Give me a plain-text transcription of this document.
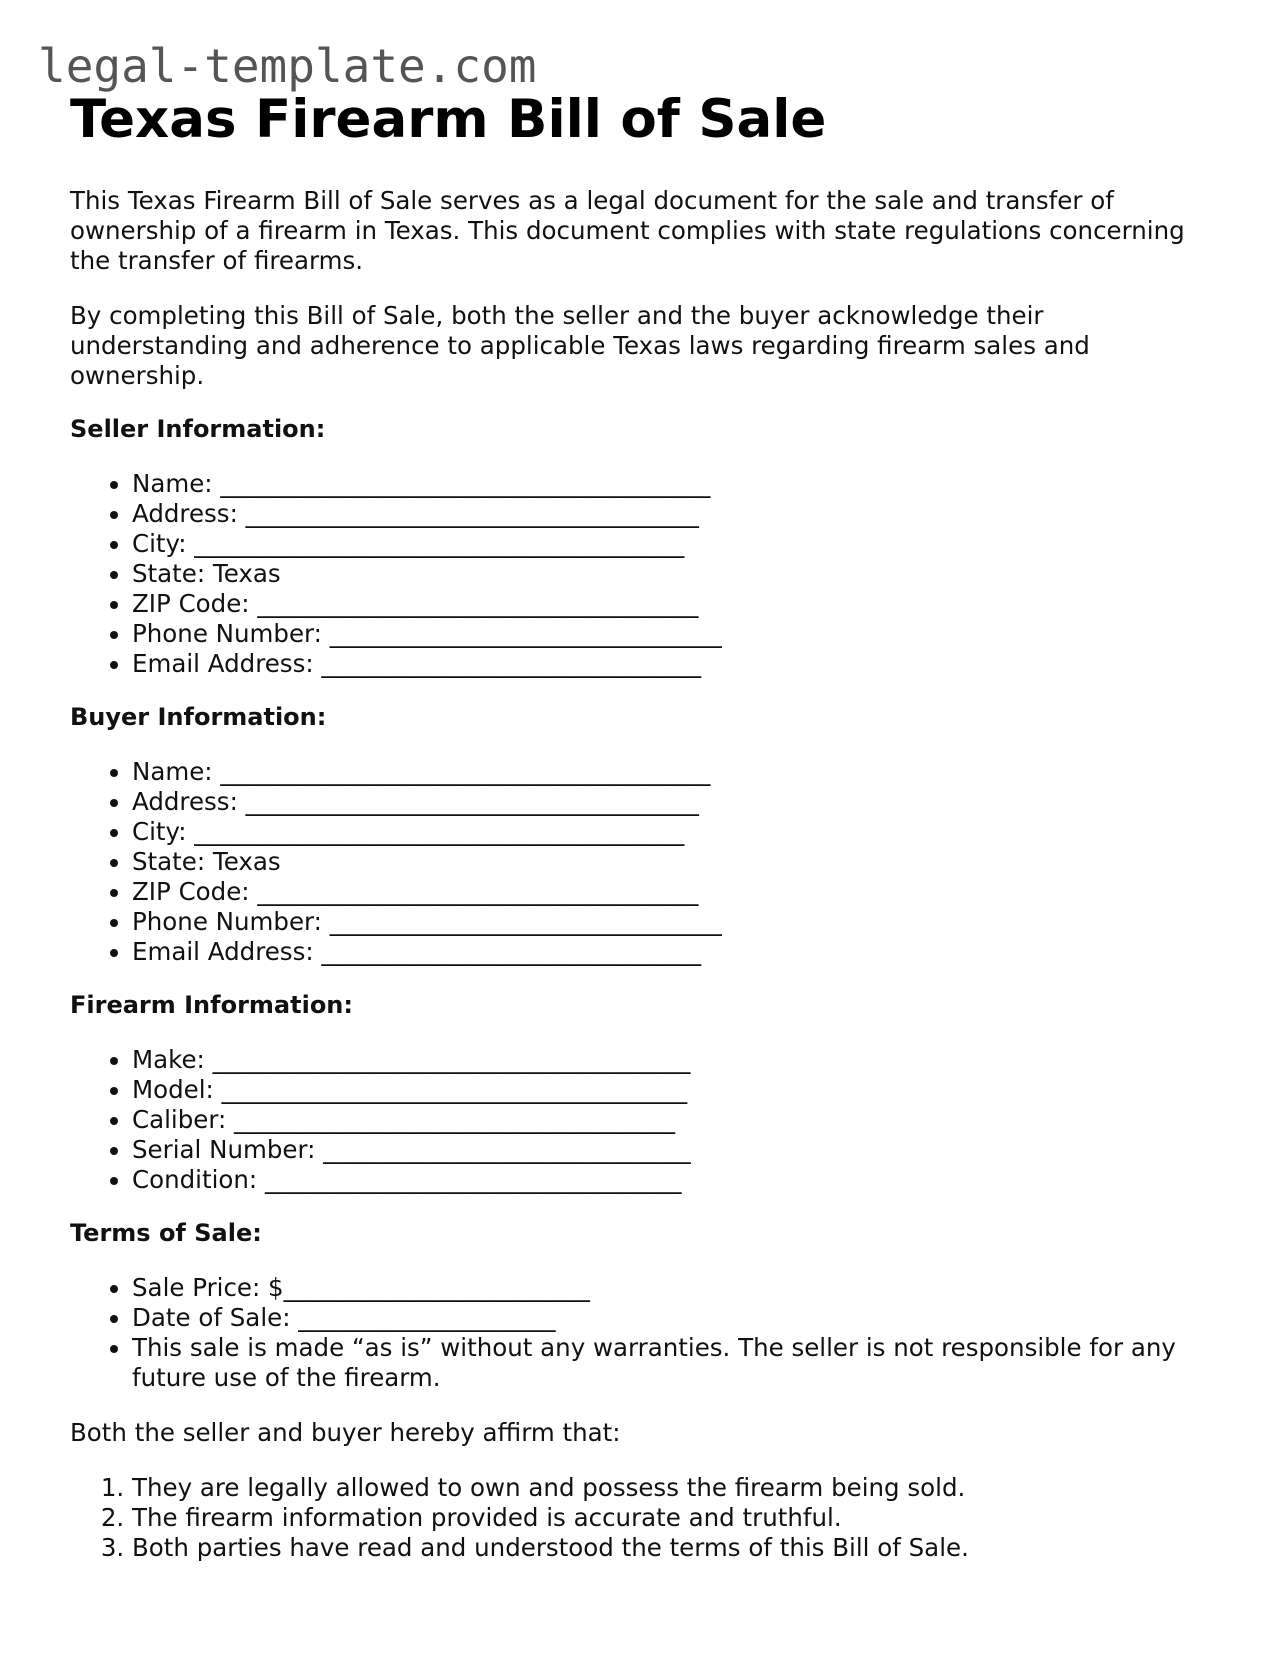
legal-template.com
Texas Firearm Bill of Sale

This Texas Firearm Bill of Sale serves as a legal document for the sale and transfer of ownership of a firearm in Texas. This document complies with state regulations concerning the transfer of firearms.

By completing this Bill of Sale, both the seller and the buyer acknowledge their understanding and adherence to applicable Texas laws regarding firearm sales and ownership.

Seller Information:
• Name: ________________________________________
• Address: _____________________________________
• City: ________________________________________
• State: Texas
• ZIP Code: ____________________________________
• Phone Number: ________________________________
• Email Address: _______________________________
Buyer Information:
• Name: ________________________________________
• Address: _____________________________________
• City: ________________________________________
• State: Texas
• ZIP Code: ____________________________________
• Phone Number: ________________________________
• Email Address: _______________________________
Firearm Information:
• Make: _______________________________________
• Model: ______________________________________
• Caliber: ____________________________________
• Serial Number: ______________________________
• Condition: __________________________________
Terms of Sale:
• Sale Price: $_________________________
• Date of Sale: _____________________
• This sale is made “as is” without any warranties. The seller is not responsible for any future use of the firearm.

Both the seller and buyer hereby affirm that:

1. They are legally allowed to own and possess the firearm being sold.
2. The firearm information provided is accurate and truthful.
3. Both parties have read and understood the terms of this Bill of Sale.
